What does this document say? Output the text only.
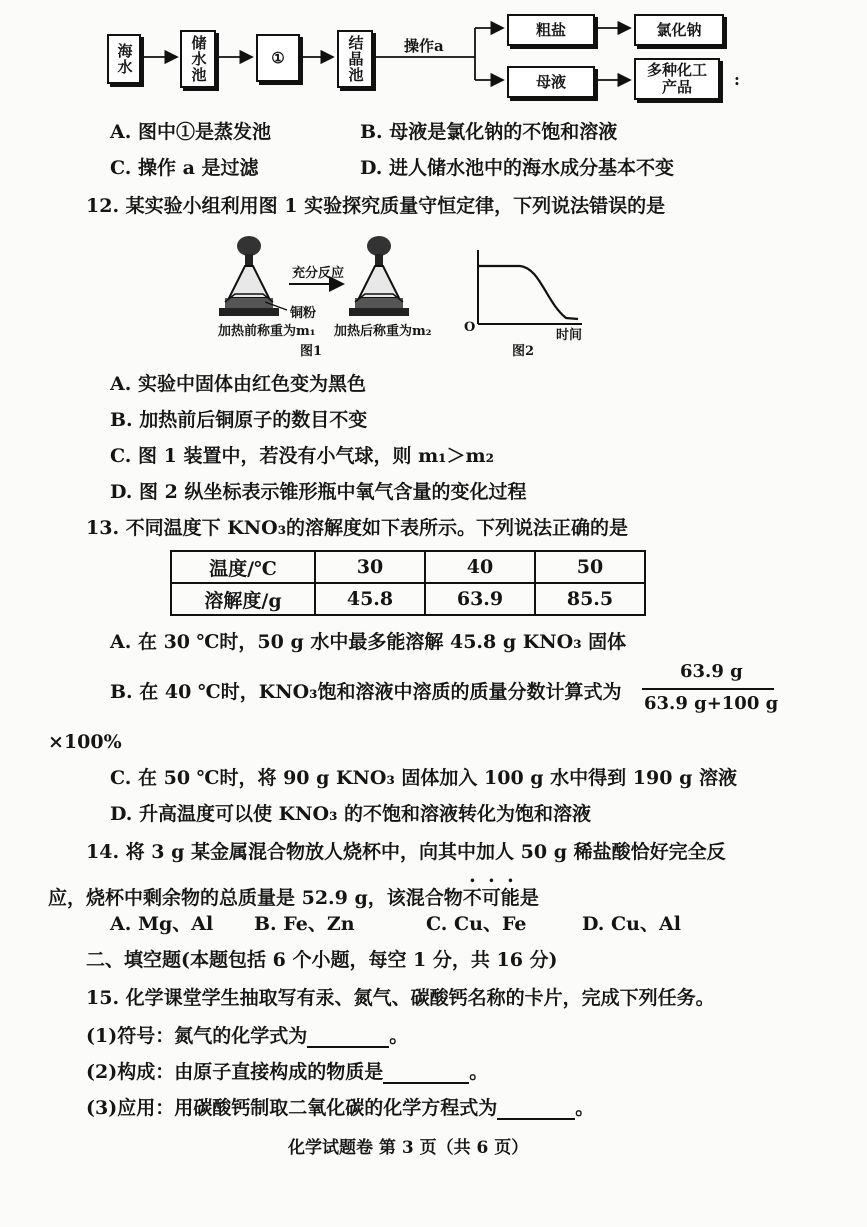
海水	储水池	①	结晶池
粗盐	氯化钠
母液
多种化工产品
操作a
:
A. 图中①是蒸发池	B. 母液是氯化钠的不饱和溶液
C. 操作 a 是过滤	D. 进人储水池中的海水成分基本不变
12. 某实验小组利用图 1 实验探究质量守恒定律，下列说法错误的是
充分反应
铜粉
加热前称重为m₁ 加热后称重为m₂
图1
O
时间
图2
A. 实验中固体由红色变为黑色
B. 加热前后铜原子的数目不变
C. 图 1 装置中，若没有小气球，则 m₁＞m₂
D. 图 2 纵坐标表示锥形瓶中氧气含量的变化过程
13. 不同温度下 KNO₃的溶解度如下表所示。下列说法正确的是
温度/℃	30	40	50
溶解度/g	45.8	63.9	85.5
A. 在 30 ℃时，50 g 水中最多能溶解 45.8 g KNO₃ 固体
B. 在 40 ℃时，KNO₃饱和溶液中溶质的质量分数计算式为
63.9 g
63.9 g+100 g
×100%
C. 在 50 ℃时，将 90 g KNO₃ 固体加入 100 g 水中得到 190 g 溶液
D. 升高温度可以使 KNO₃ 的不饱和溶液转化为饱和溶液
14. 将 3 g 某金属混合物放人烧杯中，向其中加人 50 g 稀盐酸恰好完全反
应，烧杯中剩余物的总质量是 52.9 g，该混合物不可能是
A. Mg、Al B. Fe、Zn	C. Cu、Fe	D. Cu、Al
二、填空题(本题包括 6 个小题，每空 1 分，共 16 分)
15. 化学课堂学生抽取写有汞、氮气、碳酸钙名称的卡片，完成下列任务。
(1)符号：氮气的化学式为	。
(2)构成：由原子直接构成的物质是	。
(3)应用：用碳酸钙制取二氧化碳的化学方程式为	。
化学试题卷 第 3 页（共 6 页）
